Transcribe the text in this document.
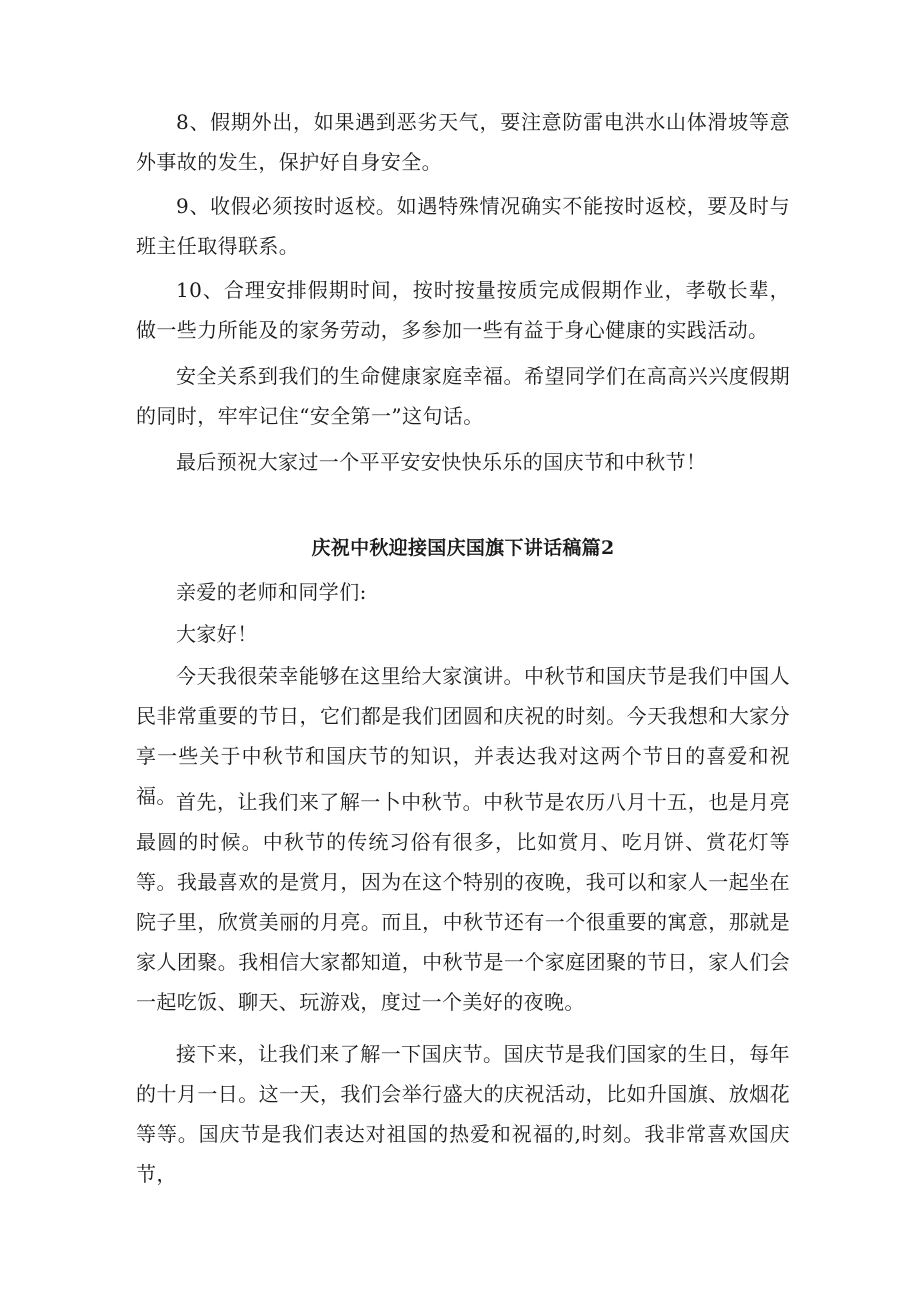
8、假期外出，如果遇到恶劣天气，要注意防雷电洪水山体滑坡等意外事故的发生，保护好自身安全。

9、收假必须按时返校。如遇特殊情况确实不能按时返校，要及时与班主任取得联系。

10、合理安排假期时间，按时按量按质完成假期作业，孝敬长辈，做一些力所能及的家务劳动，多参加一些有益于身心健康的实践活动。

安全关系到我们的生命健康家庭幸福。希望同学们在高高兴兴度假期的同时，牢牢记住“安全第一”这句话。

最后预祝大家过一个平平安安快快乐乐的国庆节和中秋节！

庆祝中秋迎接国庆国旗下讲话稿篇2

亲爱的老师和同学们:

大家好！

今天我很荣幸能够在这里给大家演讲。中秋节和国庆节是我们中国人民非常重要的节日，它们都是我们团圆和庆祝的时刻。今天我想和大家分享一些关于中秋节和国庆节的知识，并表达我对这两个节日的喜爱和祝福。 首先，让我们来了解一卜中秋节。中秋节是农历八月十五，也是月亮最圆的时候。中秋节的传统习俗有很多，比如赏月、吃月饼、赏花灯等等。我最喜欢的是赏月，因为在这个特别的夜晚，我可以和家人一起坐在院子里，欣赏美丽的月亮。而且，中秋节还有一个很重要的寓意，那就是家人团聚。我相信大家都知道，中秋节是一个家庭团聚的节日，家人们会一起吃饭、聊天、玩游戏，度过一个美好的夜晚。

接下来，让我们来了解一下国庆节。国庆节是我们国家的生日，每年的十月一日。这一天，我们会举行盛大的庆祝活动，比如升国旗、放烟花等等。国庆节是我们表达对祖国的热爱和祝福的,时刻。我非常喜欢国庆节，
